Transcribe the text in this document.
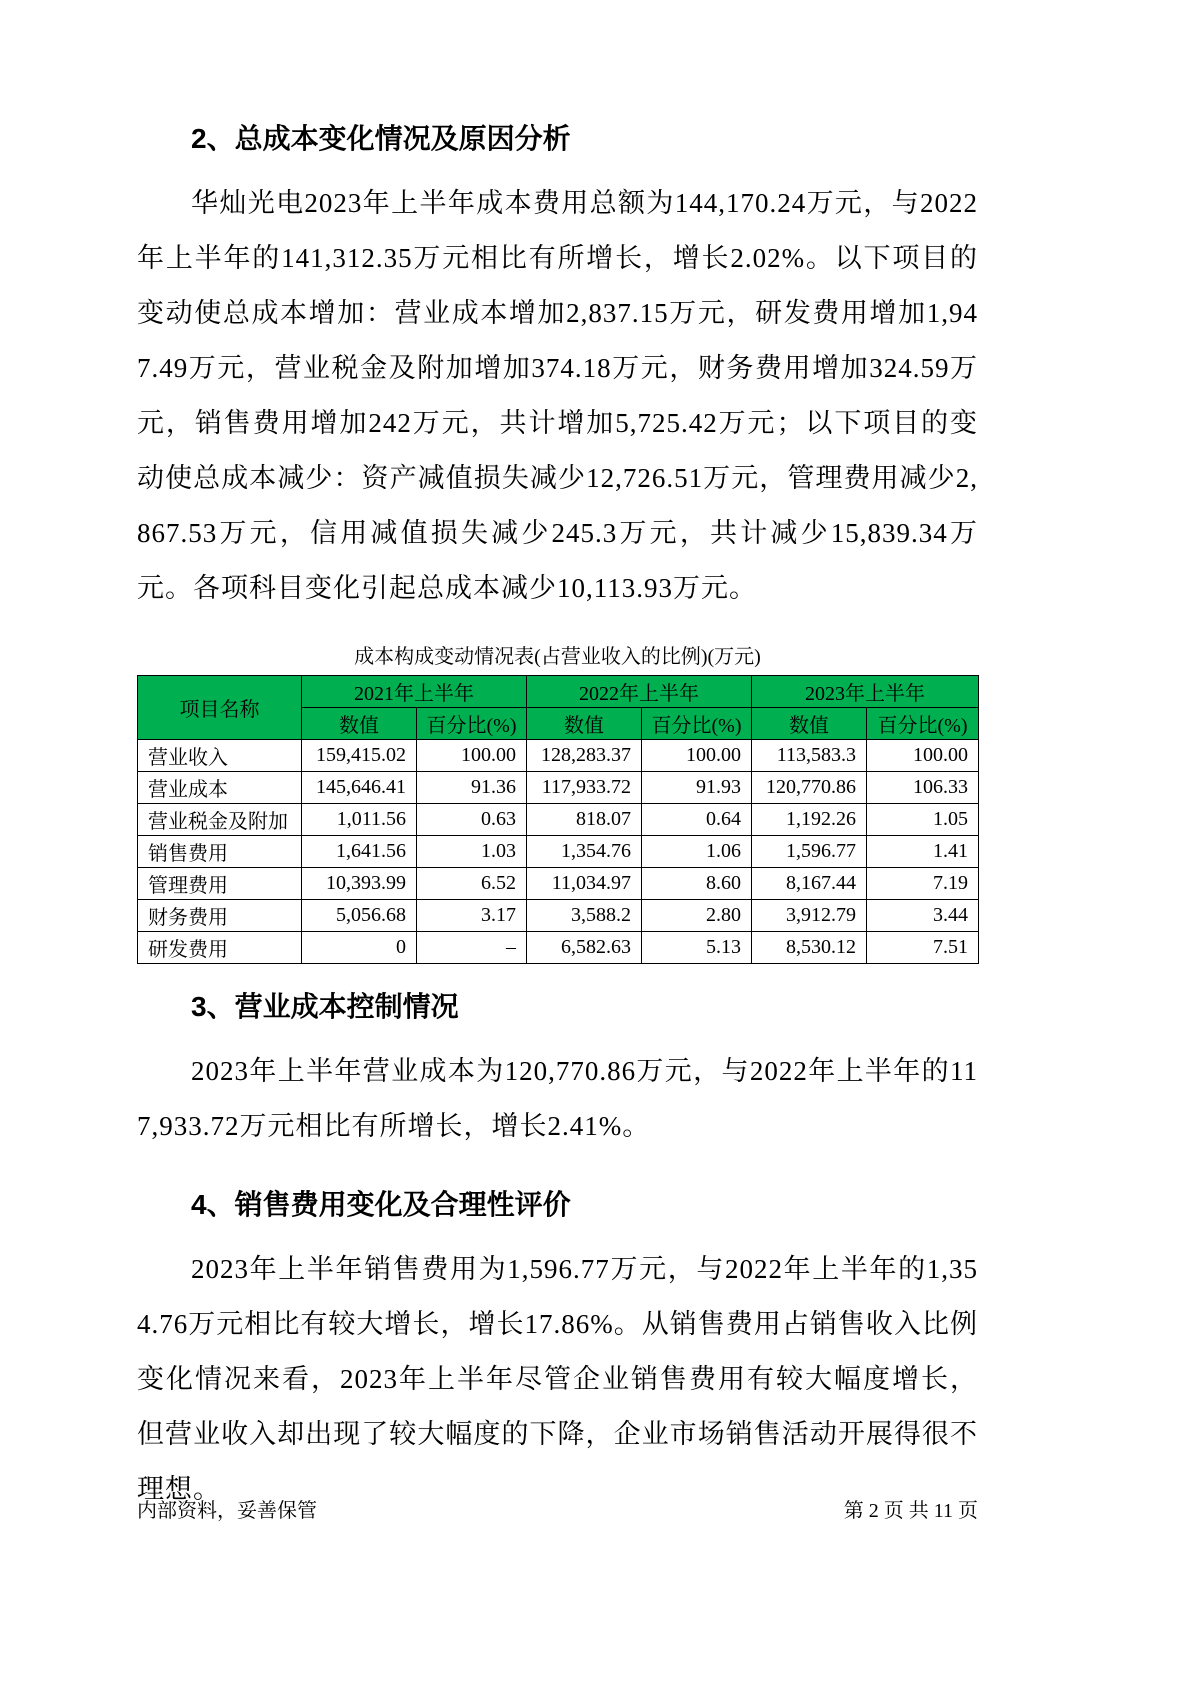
2、总成本变化情况及原因分析

华灿光电2023年上半年成本费用总额为144,170.24万元，与2022年上半年的141,312.35万元相比有所增长，增长2.02%。以下项目的变动使总成本增加：营业成本增加2,837.15万元，研发费用增加1,947.49万元，营业税金及附加增加374.18万元，财务费用增加324.59万元，销售费用增加242万元，共计增加5,725.42万元；以下项目的变动使总成本减少：资产减值损失减少12,726.51万元，管理费用减少2,867.53万元，信用减值损失减少245.3万元，共计减少15,839.34万元。各项科目变化引起总成本减少10,113.93万元。

成本构成变动情况表(占营业收入的比例)(万元)
项目名称	2021年上半年		2022年上半年		2023年上半年	
	数值	百分比(%)	数值	百分比(%)	数值	百分比(%)
营业收入	159,415.02	100.00	128,283.37	100.00	113,583.3	100.00
营业成本	145,646.41	91.36	117,933.72	91.93	120,770.86	106.33
营业税金及附加	1,011.56	0.63	818.07	0.64	1,192.26	1.05
销售费用	1,641.56	1.03	1,354.76	1.06	1,596.77	1.41
管理费用	10,393.99	6.52	11,034.97	8.60	8,167.44	7.19
财务费用	5,056.68	3.17	3,588.2	2.80	3,912.79	3.44
研发费用	0	–	6,582.63	5.13	8,530.12	7.51
3、营业成本控制情况

2023年上半年营业成本为120,770.86万元，与2022年上半年的117,933.72万元相比有所增长，增长2.41%。

4、销售费用变化及合理性评价

2023年上半年销售费用为1,596.77万元，与2022年上半年的1,354.76万元相比有较大增长，增长17.86%。从销售费用占销售收入比例变化情况来看，2023年上半年尽管企业销售费用有较大幅度增长，但营业收入却出现了较大幅度的下降，企业市场销售活动开展得很不理想。

内部资料，妥善保管	第 2 页 共 11 页
